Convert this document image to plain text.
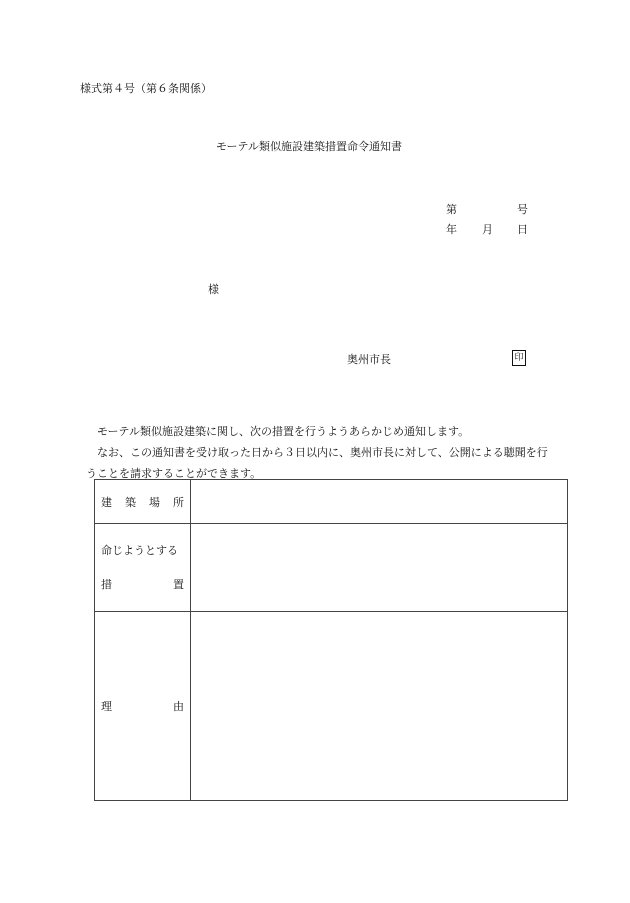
様式第４号（第６条関係）
モーテル類似施設建築措置命令通知書
第	号
年 月 日
様
奥州市長	印

モーテル類似施設建築に関し、次の措置を行うようあらかじめ通知します。

なお、この通知書を受け取った日から３日以内に、奥州市長に対して、公開による聴聞を行うことを請求することができます。

建 築 場 所	

命じようとする
措 置	

理 由	
